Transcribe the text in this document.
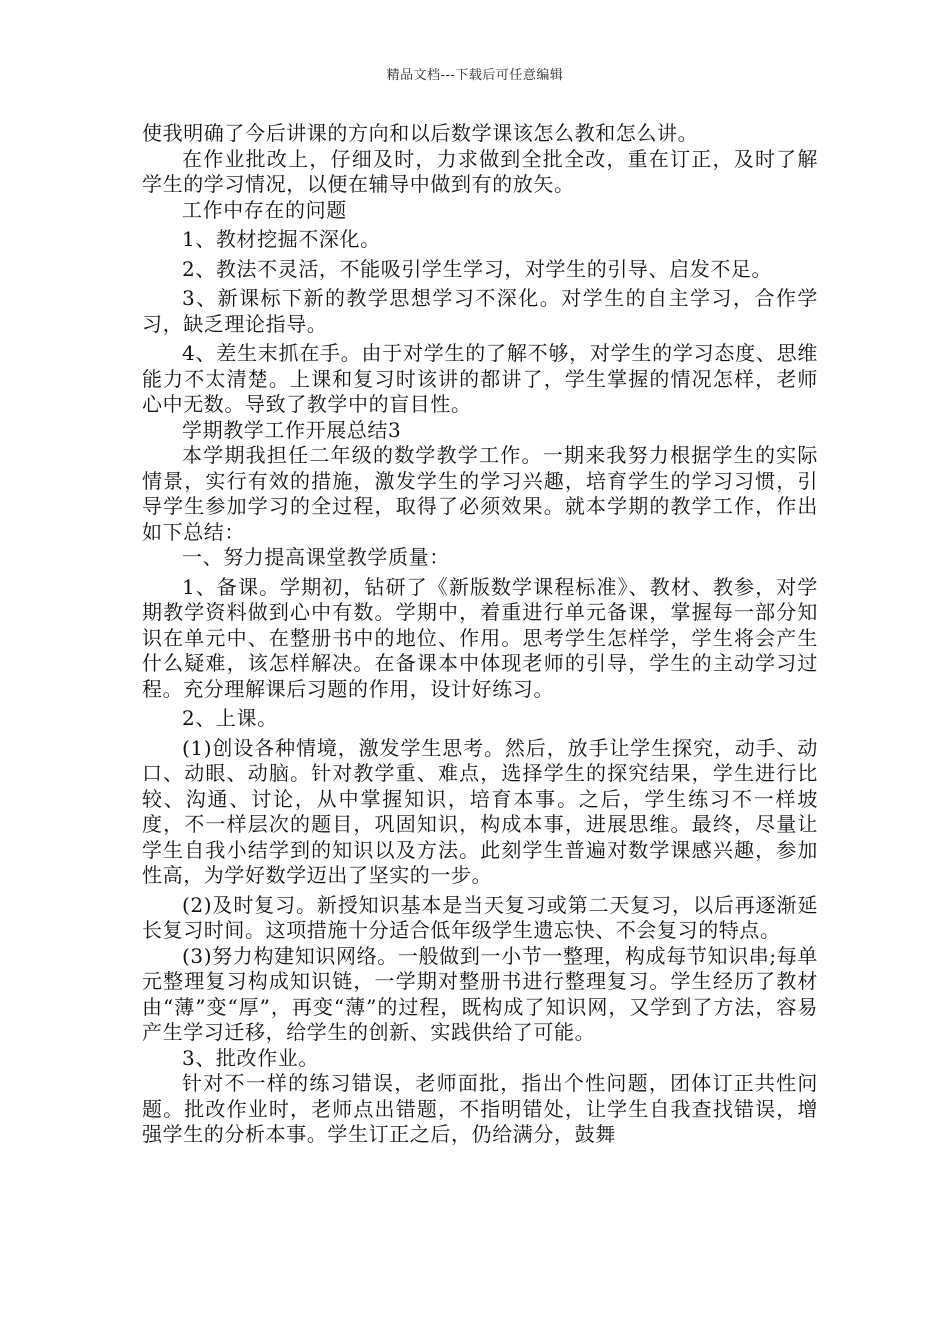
精品文档---下载后可任意编辑

使我明确了今后讲课的方向和以后数学课该怎么教和怎么讲。

在作业批改上，仔细及时，力求做到全批全改，重在订正，及时了解学生的学习情况，以便在辅导中做到有的放矢。

工作中存在的问题

1、教材挖掘不深化。

2、教法不灵活，不能吸引学生学习，对学生的引导、启发不足。

3、新课标下新的教学思想学习不深化。对学生的自主学习，合作学习，缺乏理论指导。

4、差生末抓在手。由于对学生的了解不够，对学生的学习态度、思维能力不太清楚。上课和复习时该讲的都讲了，学生掌握的情况怎样，老师心中无数。导致了教学中的盲目性。

学期教学工作开展总结3

本学期我担任二年级的数学教学工作。一期来我努力根据学生的实际情景，实行有效的措施，激发学生的学习兴趣，培育学生的学习习惯，引导学生参加学习的全过程，取得了必须效果。就本学期的教学工作，作出如下总结：

一、努力提高课堂教学质量：

1、备课。学期初，钻研了《新版数学课程标准》、教材、教参，对学期教学资料做到心中有数。学期中，着重进行单元备课，掌握每一部分知识在单元中、在整册书中的地位、作用。思考学生怎样学，学生将会产生什么疑难，该怎样解决。在备课本中体现老师的引导，学生的主动学习过程。充分理解课后习题的作用，设计好练习。

2、上课。

(1)创设各种情境，激发学生思考。然后，放手让学生探究，动手、动口、动眼、动脑。针对教学重、难点，选择学生的探究结果，学生进行比较、沟通、讨论，从中掌握知识，培育本事。之后，学生练习不一样坡度，不一样层次的题目，巩固知识，构成本事，进展思维。最终，尽量让学生自我小结学到的知识以及方法。此刻学生普遍对数学课感兴趣，参加性高，为学好数学迈出了坚实的一步。

(2)及时复习。新授知识基本是当天复习或第二天复习，以后再逐渐延长复习时间。这项措施十分适合低年级学生遗忘快、不会复习的特点。

(3)努力构建知识网络。一般做到一小节一整理，构成每节知识串;每单元整理复习构成知识链，一学期对整册书进行整理复习。学生经历了教材由“薄”变“厚”，再变“薄”的过程，既构成了知识网，又学到了方法，容易产生学习迁移，给学生的创新、实践供给了可能。

3、批改作业。

针对不一样的练习错误，老师面批，指出个性问题，团体订正共性问题。批改作业时，老师点出错题，不指明错处，让学生自我查找错误，增强学生的分析本事。学生订正之后，仍给满分，鼓舞
